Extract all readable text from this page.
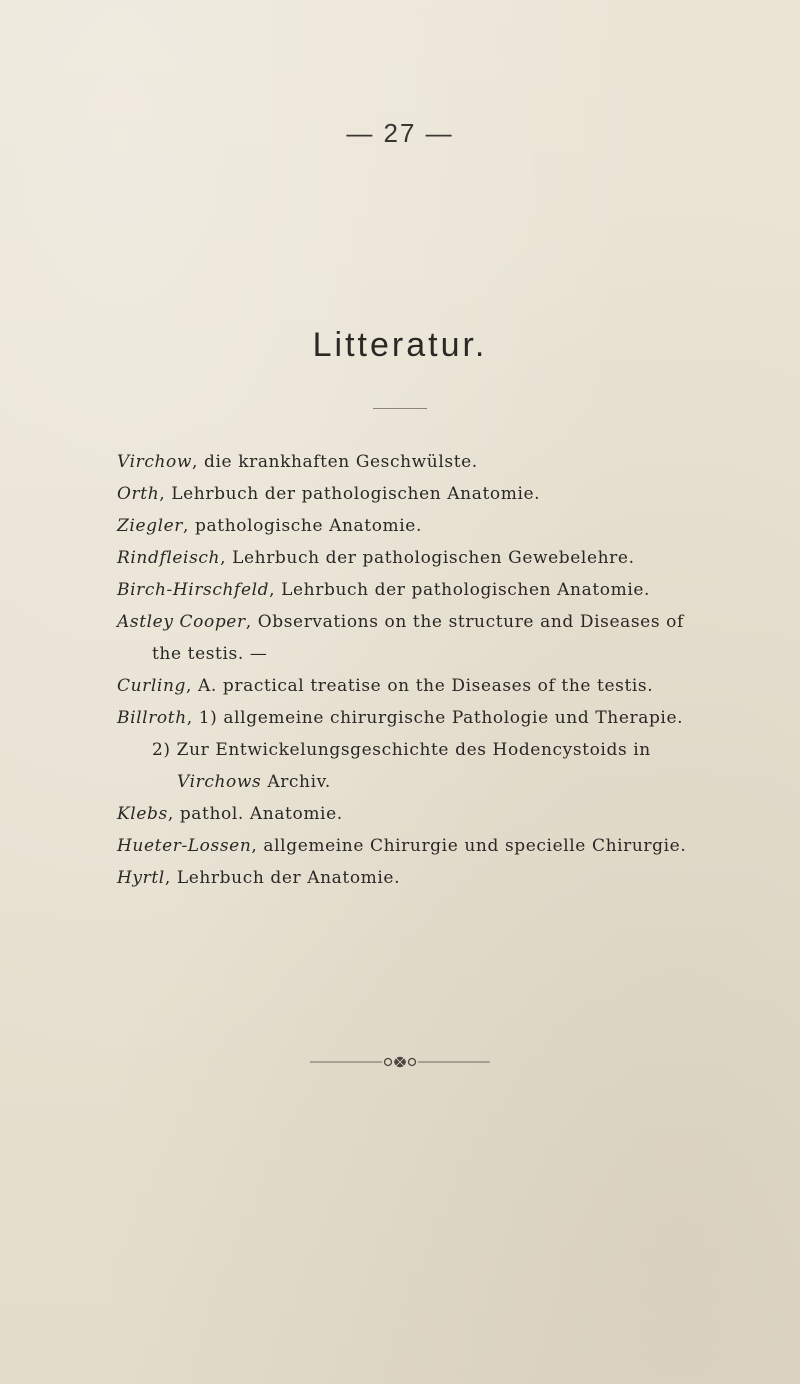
— 27 —
Litteratur.
Virchow, die krankhaften Geschwülste.
Orth, Lehrbuch der pathologischen Anatomie.
Ziegler, pathologische Anatomie.
Rindfleisch, Lehrbuch der pathologischen Gewebelehre.
Birch-Hirschfeld, Lehrbuch der pathologischen Anatomie.
Astley Cooper, Observations on the structure and Diseases of the testis. —
Curling, A. practical treatise on the Diseases of the testis.
Billroth, 1) allgemeine chirurgische Pathologie und Therapie.
2) Zur Entwickelungsgeschichte des Hodencystoids in Virchows Archiv.
Klebs, pathol. Anatomie.
Hueter-Lossen, allgemeine Chirurgie und specielle Chirurgie.
Hyrtl, Lehrbuch der Anatomie.
